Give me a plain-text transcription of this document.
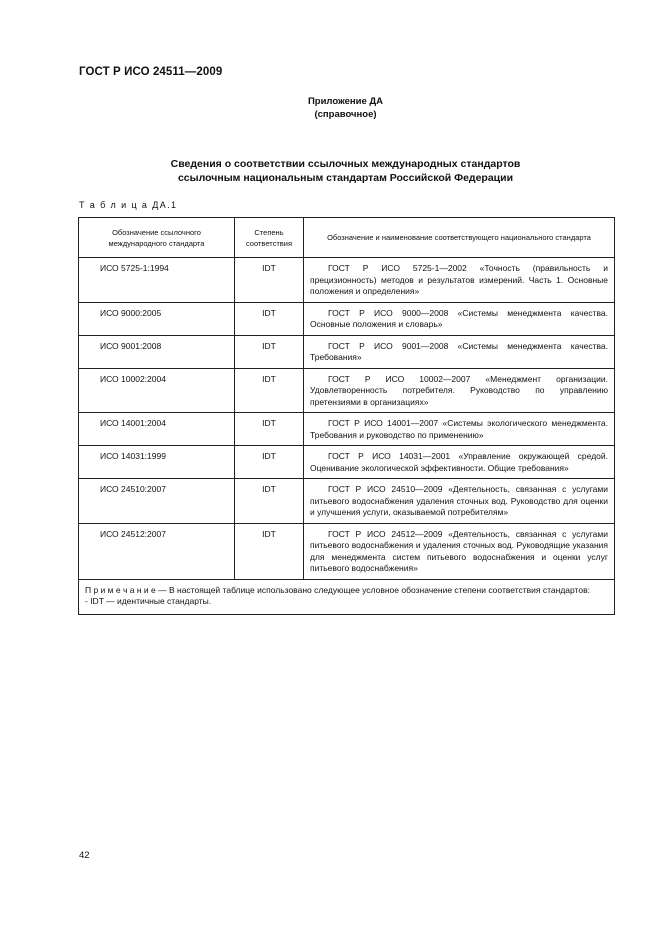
ГОСТ Р ИСО 24511—2009
Приложение ДА
(справочное)
Сведения о соответствии ссылочных международных стандартов
ссылочным национальным стандартам Российской Федерации
Т а б л и ц а ДА.1
Обозначение ссылочного международного стандарта	Степень соответствия	Обозначение и наименование соответствующего национального стандарта
ИСО 5725-1:1994	IDT	ГОСТ Р ИСО 5725-1—2002 «Точность (правильность и прецизионность) методов и результатов измерений. Часть 1. Основные положения и определения»

ИСО 9000:2005	IDT	ГОСТ Р ИСО 9000—2008 «Системы менеджмента качества. Основные положения и словарь»

ИСО 9001:2008	IDT	ГОСТ Р ИСО 9001—2008 «Системы менеджмента качества. Требования»

ИСО 10002:2004	IDT	ГОСТ Р ИСО 10002—2007 «Менеджмент организации. Удовлетворенность потребителя. Руководство по управлению претензиями в организациях»

ИСО 14001:2004	IDT	ГОСТ Р ИСО 14001—2007 «Системы экологического менеджмента. Требования и руководство по применению»

ИСО 14031:1999	IDT	ГОСТ Р ИСО 14031—2001 «Управление окружающей средой. Оценивание экологической эффективности. Общие требования»

ИСО 24510:2007	IDT	ГОСТ Р ИСО 24510—2009 «Деятельность, связанная с услугами питьевого водоснабжения удаления сточных вод. Руководство для оценки и улучшения услуги, оказываемой потребителям»

ИСО 24512:2007	IDT	ГОСТ Р ИСО 24512—2009 «Деятельность, связанная с услугами питьевого водоснабжения и удаления сточных вод. Руководящие указания для менеджмента систем питьевого водоснабжения и оценки услуг питьевого водоснабжения»

П р и м е ч а н и е — В настоящей таблице использовано следующее условное обозначение степени соответствия стандартов:
- IDT — идентичные стандарты.		
42
